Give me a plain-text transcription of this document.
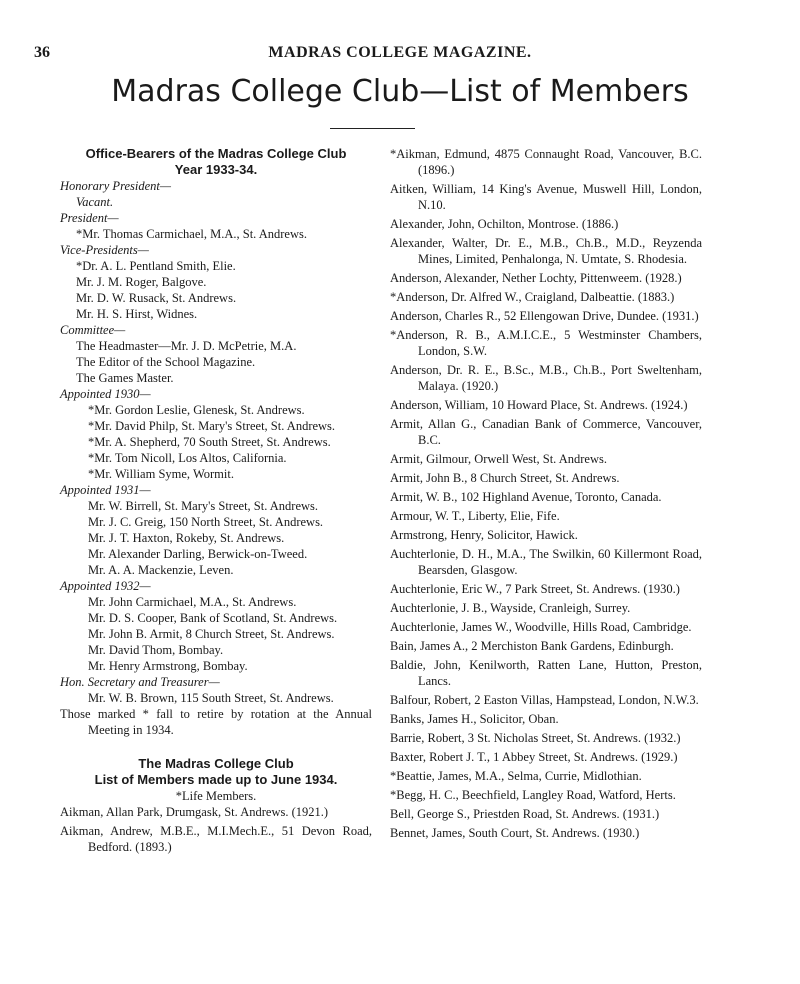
36	MADRAS COLLEGE MAGAZINE.
Madras College Club—List of Members
Office-Bearers of the Madras College Club
Year 1933-34.
Honorary President—
Vacant.
President—
*Mr. Thomas Carmichael, M.A., St. Andrews.
Vice-Presidents—
*Dr. A. L. Pentland Smith, Elie.
Mr. J. M. Roger, Balgove.
Mr. D. W. Rusack, St. Andrews.
Mr. H. S. Hirst, Widnes.
Committee—
The Headmaster—Mr. J. D. McPetrie, M.A.
The Editor of the School Magazine.
The Games Master.
Appointed 1930—
*Mr. Gordon Leslie, Glenesk, St. Andrews.
*Mr. David Philp, St. Mary's Street, St. Andrews.
*Mr. A. Shepherd, 70 South Street, St. Andrews.
*Mr. Tom Nicoll, Los Altos, California.
*Mr. William Syme, Wormit.
Appointed 1931—
Mr. W. Birrell, St. Mary's Street, St. Andrews.
Mr. J. C. Greig, 150 North Street, St. Andrews.
Mr. J. T. Haxton, Rokeby, St. Andrews.
Mr. Alexander Darling, Berwick-on-Tweed.
Mr. A. A. Mackenzie, Leven.
Appointed 1932—
Mr. John Carmichael, M.A., St. Andrews.
Mr. D. S. Cooper, Bank of Scotland, St. Andrews.
Mr. John B. Armit, 8 Church Street, St. Andrews.
Mr. David Thom, Bombay.
Mr. Henry Armstrong, Bombay.
Hon. Secretary and Treasurer—
Mr. W. B. Brown, 115 South Street, St. Andrews.
Those marked * fall to retire by rotation at the Annual Meeting in 1934.
The Madras College Club
List of Members made up to June 1934.
*Life Members.
Aikman, Allan Park, Drumgask, St. Andrews. (1921.)
Aikman, Andrew, M.B.E., M.I.Mech.E., 51 Devon Road, Bedford. (1893.)
*Aikman, Edmund, 4875 Connaught Road, Vancouver, B.C. (1896.)
Aitken, William, 14 King's Avenue, Muswell Hill, London, N.10.
Alexander, John, Ochilton, Montrose. (1886.)
Alexander, Walter, Dr. E., M.B., Ch.B., M.D., Reyzenda Mines, Limited, Penhalonga, N. Umtate, S. Rhodesia.
Anderson, Alexander, Nether Lochty, Pittenweem. (1928.)
*Anderson, Dr. Alfred W., Craigland, Dalbeattie. (1883.)
Anderson, Charles R., 52 Ellengowan Drive, Dundee. (1931.)
*Anderson, R. B., A.M.I.C.E., 5 Westminster Chambers, London, S.W.
Anderson, Dr. R. E., B.Sc., M.B., Ch.B., Port Sweltenham, Malaya. (1920.)
Anderson, William, 10 Howard Place, St. Andrews. (1924.)
Armit, Allan G., Canadian Bank of Commerce, Vancouver, B.C.
Armit, Gilmour, Orwell West, St. Andrews.
Armit, John B., 8 Church Street, St. Andrews.
Armit, W. B., 102 Highland Avenue, Toronto, Canada.
Armour, W. T., Liberty, Elie, Fife.
Armstrong, Henry, Solicitor, Hawick.
Auchterlonie, D. H., M.A., The Swilkin, 60 Killermont Road, Bearsden, Glasgow.
Auchterlonie, Eric W., 7 Park Street, St. Andrews. (1930.)
Auchterlonie, J. B., Wayside, Cranleigh, Surrey.
Auchterlonie, James W., Woodville, Hills Road, Cambridge.
Bain, James A., 2 Merchiston Bank Gardens, Edinburgh.
Baldie, John, Kenilworth, Ratten Lane, Hutton, Preston, Lancs.
Balfour, Robert, 2 Easton Villas, Hampstead, London, N.W.3.
Banks, James H., Solicitor, Oban.
Barrie, Robert, 3 St. Nicholas Street, St. Andrews. (1932.)
Baxter, Robert J. T., 1 Abbey Street, St. Andrews. (1929.)
*Beattie, James, M.A., Selma, Currie, Midlothian.
*Begg, H. C., Beechfield, Langley Road, Watford, Herts.
Bell, George S., Priestden Road, St. Andrews. (1931.)
Bennet, James, South Court, St. Andrews. (1930.)
